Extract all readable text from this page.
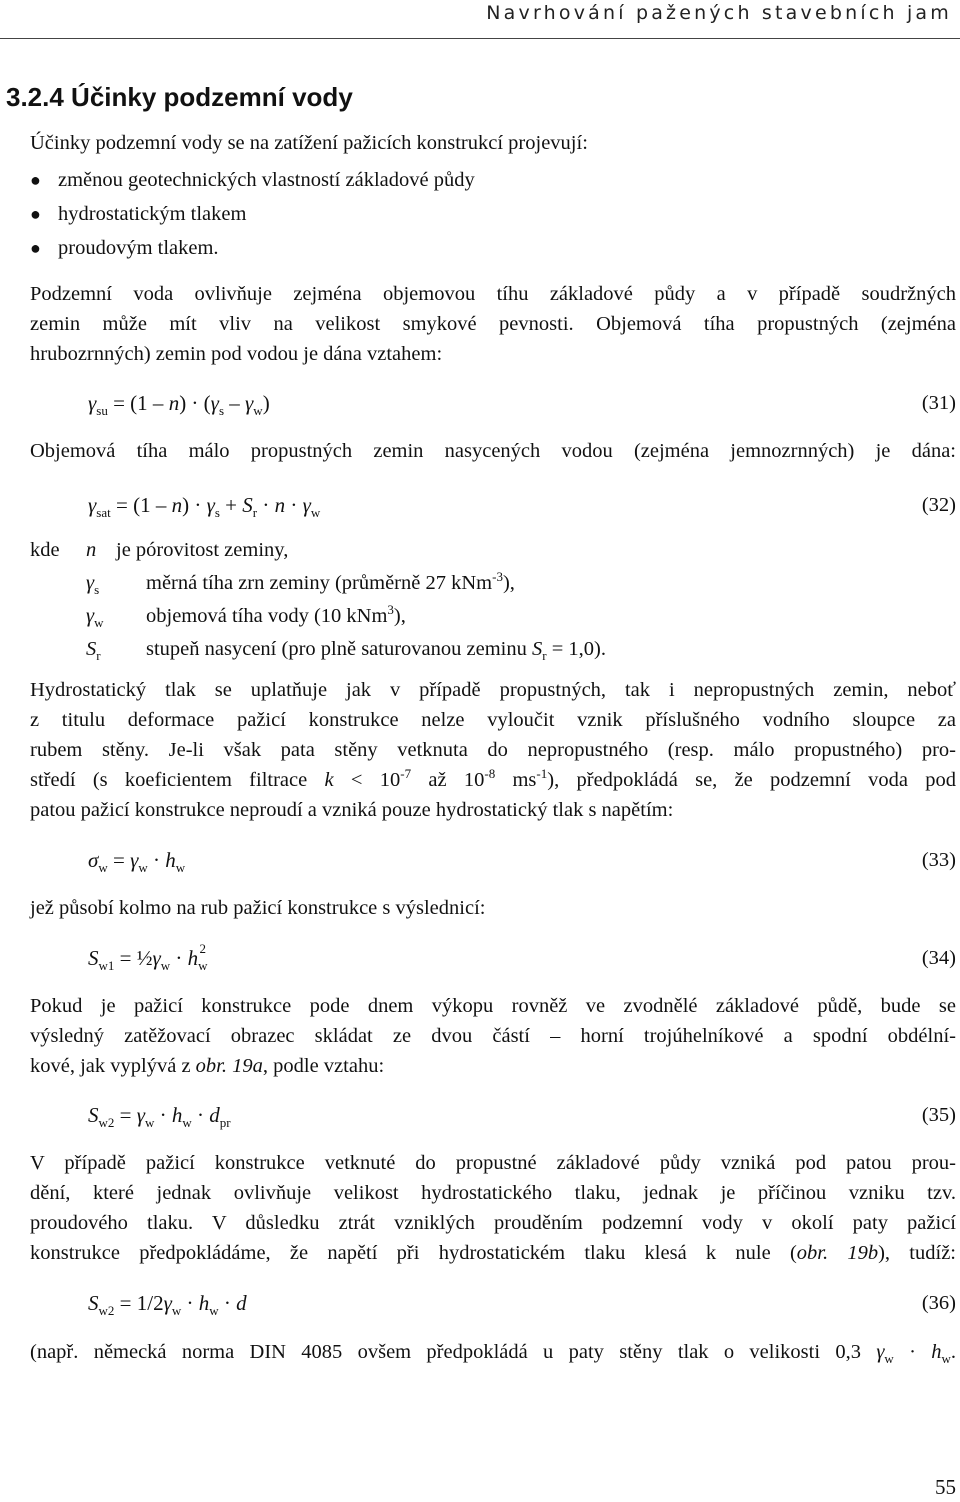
Navrhování pažených stavebních jam
3.2.4 Účinky podzemní vody

Účinky podzemní vody se na zatížení pažicích konstrukcí projevují:

● změnou geotechnických vlastností základové půdy
● hydrostatickým tlakem
● proudovým tlakem.

Podzemní voda ovlivňuje zejména objemovou tíhu základové půdy a v případě soudržných

zemin může mít vliv na velikost smykové pevnosti. Objemová tíha propustných (zejména

hrubozrnných) zemin pod vodou je dána vztahem:

$\gamma_{su} = (1 - n) \cdot (\gamma_s - \gamma_w)$	(31)

Objemová tíha málo propustných zemin nasycených vodou (zejména jemnozrnných) je dána:

$\gamma_{sat} = (1 - n) \cdot \gamma_s + S_r \cdot n \cdot \gamma_w$	(32)
kde n je pórovitost zeminy,
$\gamma_s$ měrná tíha zrn zeminy (průměrně 27 kNm$^{-3}$),
$\gamma_w$ objemová tíha vody (10 kNm$^3$),
$S_r$ stupeň nasycení (pro plně saturovanou zeminu $S_r = 1,0$).

Hydrostatický tlak se uplatňuje jak v případě propustných, tak i nepropustných zemin, neboť

z titulu deformace pažicí konstrukce nelze vyloučit vznik příslušného vodního sloupce za

rubem stěny. Je-li však pata stěny vetknuta do nepropustného (resp. málo propustného) pro-

středí (s koeficientem filtrace $k < 10^{-7}$ až $10^{-8}$ $ms^{-1}$), předpokládá se, že podzemní voda pod

patou pažicí konstrukce neproudí a vzniká pouze hydrostatický tlak s napětím:

$\sigma_w = \gamma_w \cdot h_w$	(33)

jež působí kolmo na rub pažicí konstrukce s výslednicí:

$S_{w1}$ = $\frac{1}{2}\gamma_w \cdot h_w^2$	(34)

Pokud je pažicí konstrukce pode dnem výkopu rovněž ve zvodnělé základové půdě, bude se

výsledný zatěžovací obrazec skládat ze dvou částí – horní trojúhelníkové a spodní obdélní-

kové, jak vyplývá z obr. 19a, podle vztahu:

$S_{w2} = \gamma_w \cdot h_w \cdot d_{pr}$	(35)

V případě pažicí konstrukce vetknuté do propustné základové půdy vzniká pod patou prou-

dění, které jednak ovlivňuje velikost hydrostatického tlaku, jednak je příčinou vzniku tzv.

proudového tlaku. V důsledku ztrát vzniklých prouděním podzemní vody v okolí paty pažicí

konstrukce předpokládáme, že napětí při hydrostatickém tlaku klesá k nule (obr. 19b), tudíž:

$S_{w2} = 1/2\gamma_w \cdot h_w \cdot d$	(36)

(např. německá norma DIN 4085 ovšem předpokládá u paty stěny tlak o velikosti 0,3 $\gamma_w \cdot h_w$.

55
